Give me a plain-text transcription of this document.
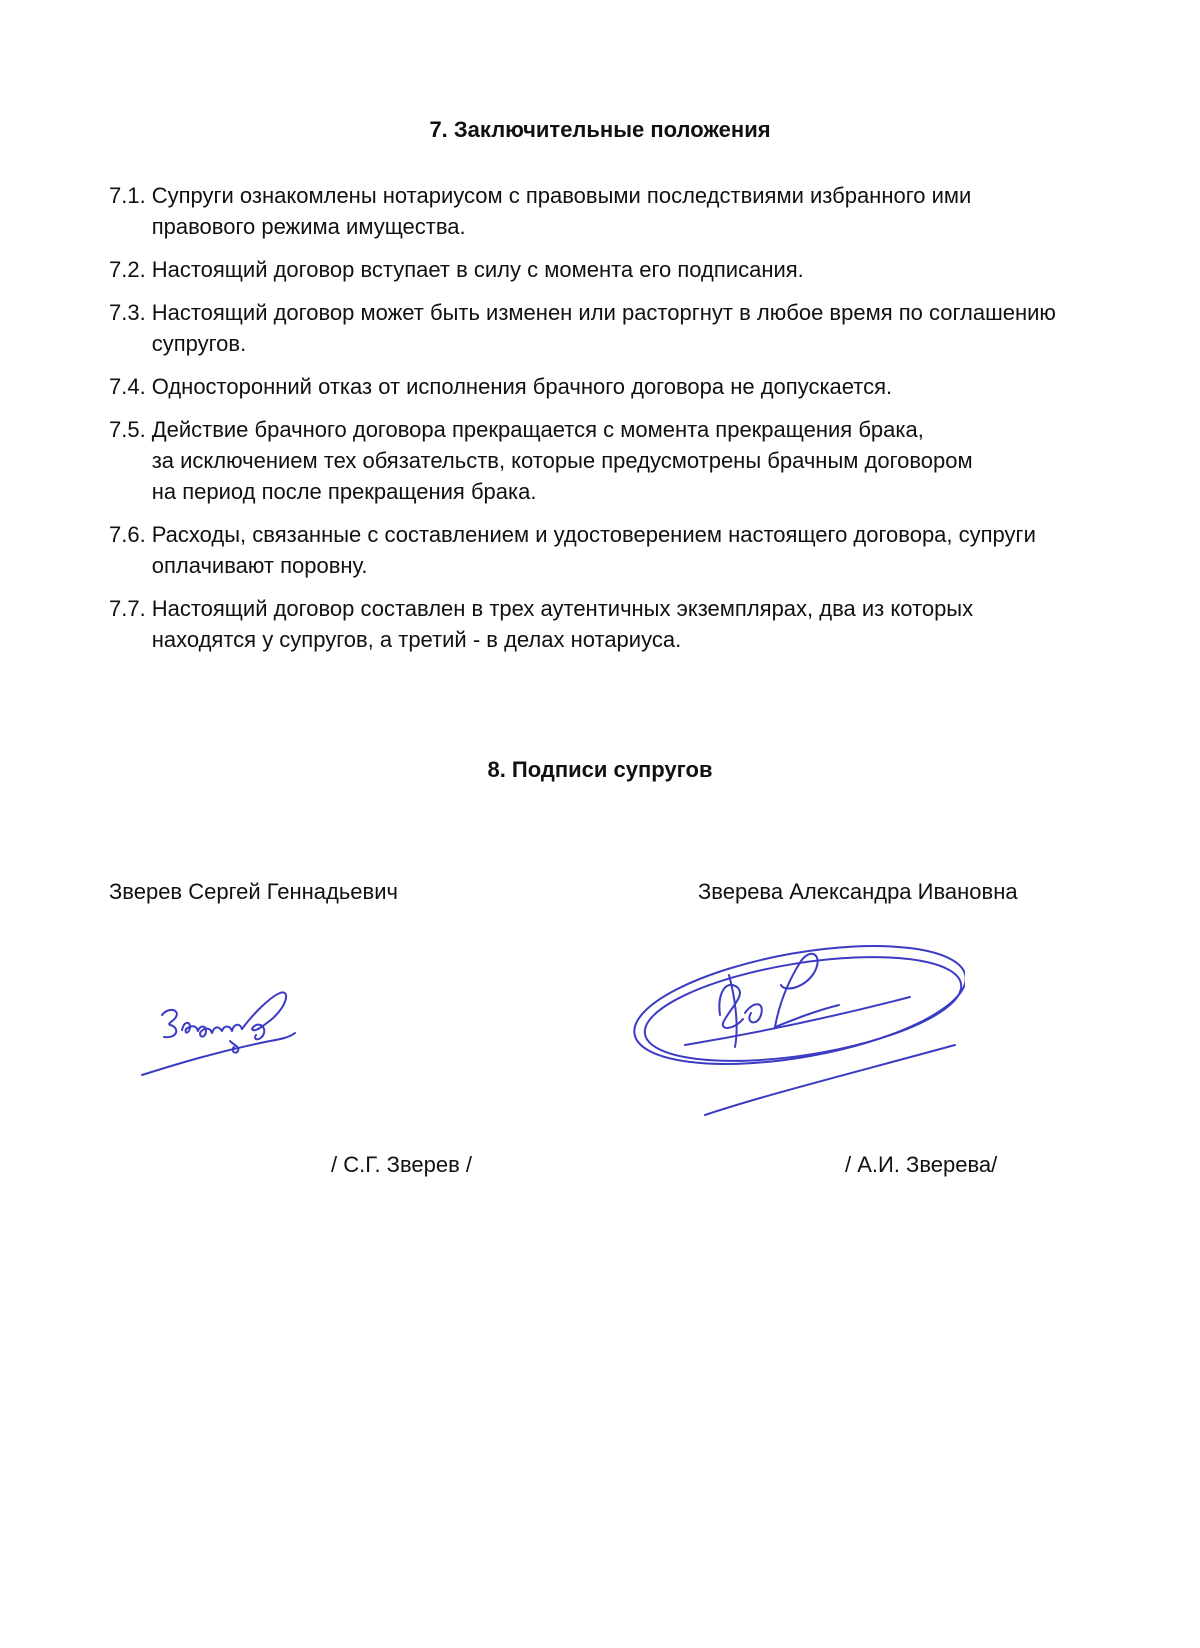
7. Заключительные положения
7.1. Супруги ознакомлены нотариусом с правовыми последствиями избранного ими
правового режима имущества.
7.2. Настоящий договор вступает в силу с момента его подписания.
7.3. Настоящий договор может быть изменен или расторгнут в любое время по соглашению
супругов.
7.4. Односторонний отказ от исполнения брачного договора не допускается.
7.5. Действие брачного договора прекращается с момента прекращения брака,
за исключением тех обязательств, которые предусмотрены брачным договором
на период после прекращения брака.
7.6. Расходы, связанные с составлением и удостоверением настоящего договора, супруги
оплачивают поровну.
7.7. Настоящий договор составлен в трех аутентичных экземплярах, два из которых
находятся у супругов, а третий - в делах нотариуса.
8. Подписи супругов
Зверев Сергей Геннадьевич	Зверева Александра Ивановна
/ С.Г. Зверев /	/ А.И. Зверева/
